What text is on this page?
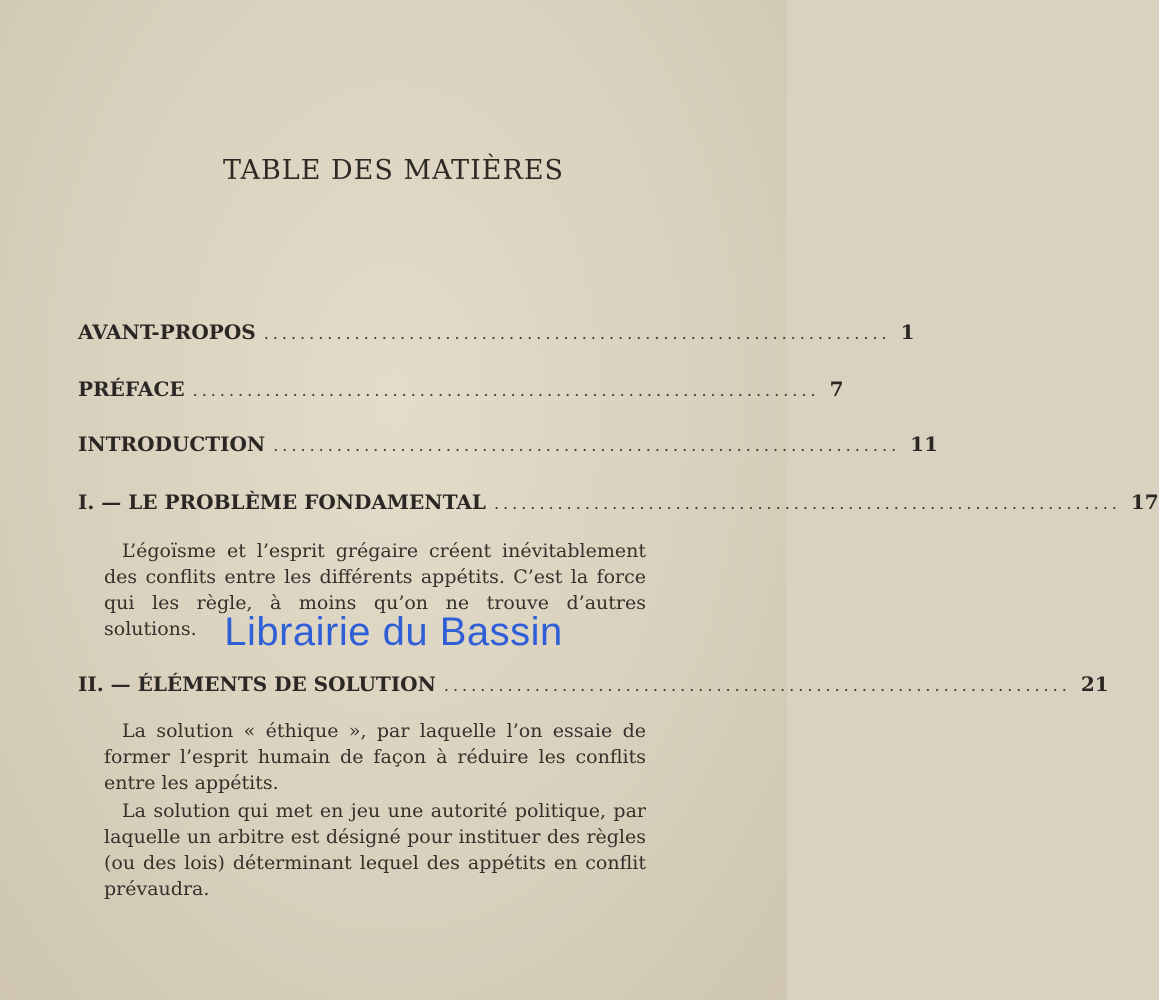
TABLE DES MATIÈRES
AVANT-PROPOS ..................................................................... 1
PRÉFACE ..................................................................... 7
INTRODUCTION ..................................................................... 11
I. — LE PROBLÈME FONDAMENTAL ..................................................................... 17

L’égoïsme et l’esprit grégaire créent inévitablement des conflits entre les différents appétits. C’est la force qui les règle, à moins qu’on ne trouve d’autres solutions.

II. — ÉLÉMENTS DE SOLUTION ..................................................................... 21

La solution « éthique », par laquelle l’on essaie de former l’esprit humain de façon à réduire les conflits entre les appétits.

La solution qui met en jeu une autorité politique, par laquelle un arbitre est désigné pour instituer des règles (ou des lois) déterminant lequel des appétits en conflit prévaudra.

Librairie du Bassin
